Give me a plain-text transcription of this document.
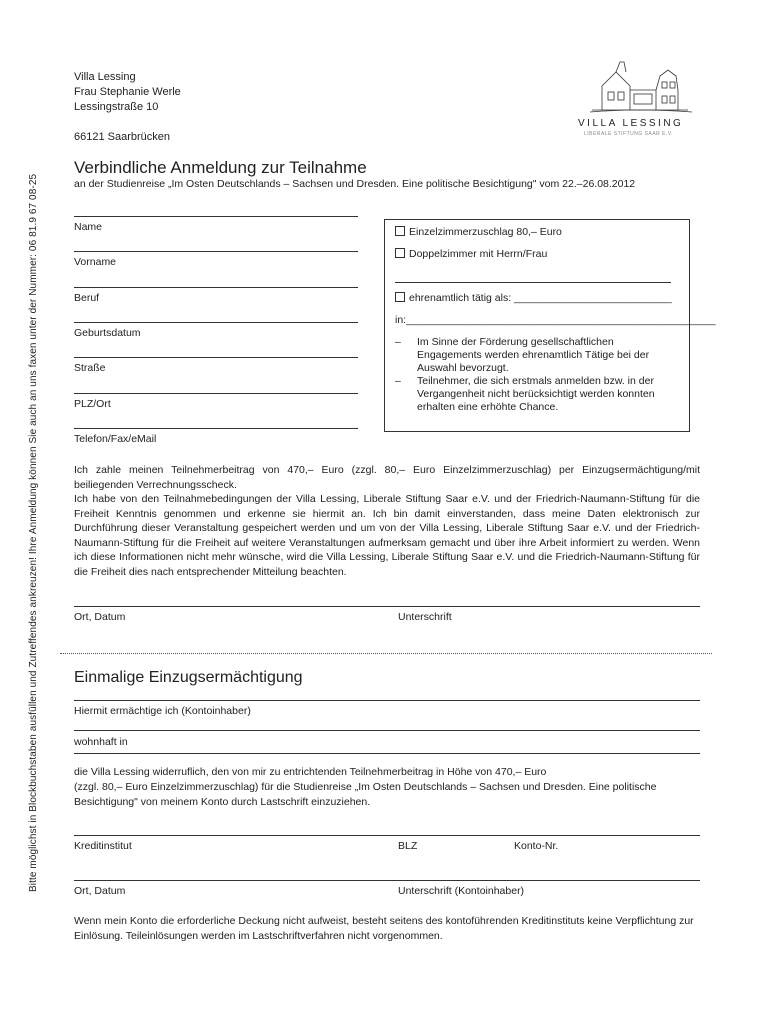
Bitte möglichst in Blockbuchstaben ausfüllen und Zutreffendes ankreuzen! Ihre Anmeldung können Sie auch an uns faxen unter der Nummer: 06 81.9 67 08-25
Villa Lessing
Frau Stephanie Werle
Lessingstraße 10
66121 Saarbrücken
VILLA LESSING
LIBERALE STIFTUNG SAAR E.V.
Verbindliche Anmeldung zur Teilnahme
an der Studienreise „Im Osten Deutschlands – Sachsen und Dresden. Eine politische Besichtigung" vom 22.–26.08.2012
Name
Vorname
Beruf
Geburtsdatum
Straße
PLZ/Ort
Telefon/Fax/eMail
Einzelzimmerzuschlag 80,– Euro
Doppelzimmer mit Herrn/Frau
ehrenamtlich tätig als: ___________________________
in:_____________________________________________________
– Im Sinne der Förderung gesellschaftlichen Engagements werden ehrenamtlich Tätige bei der Auswahl bevorzugt.
– Teilnehmer, die sich erstmals anmelden bzw. in der Vergangenheit nicht berücksichtigt werden konnten erhalten eine erhöhte Chance.

Ich zahle meinen Teilnehmerbeitrag von 470,– Euro (zzgl. 80,– Euro Einzelzimmerzuschlag) per Einzugsermächtigung/mit beiliegenden Verrechnungsscheck.

Ich habe von den Teilnahmebedingungen der Villa Lessing, Liberale Stiftung Saar e.V. und der Friedrich-Naumann-Stiftung für die Freiheit Kenntnis genommen und erkenne sie hiermit an. Ich bin damit einverstanden, dass meine Daten elektronisch zur Durchführung dieser Veranstaltung gespeichert werden und um von der Villa Lessing, Liberale Stiftung Saar e.V. und der Friedrich-Naumann-Stiftung für die Freiheit auf weitere Veranstaltungen aufmerksam gemacht und über ihre Arbeit informiert zu werden. Wenn ich diese Informationen nicht mehr wünsche, wird die Villa Lessing, Liberale Stiftung Saar e.V. und die Friedrich-Naumann-Stiftung für die Freiheit dies nach entsprechender Mitteilung beachten.

Ort, Datum	Unterschrift
Einmalige Einzugsermächtigung
Hiermit ermächtige ich (Kontoinhaber)
wohnhaft in

die Villa Lessing widerruflich, den von mir zu entrichtenden Teilnehmerbeitrag in Höhe von 470,– Euro

(zzgl. 80,– Euro Einzelzimmerzuschlag) für die Studienreise „Im Osten Deutschlands – Sachsen und Dresden. Eine politische Besichtigung" von meinem Konto durch Lastschrift einzuziehen.

Kreditinstitut	BLZ	Konto-Nr.
Ort, Datum	Unterschrift (Kontoinhaber)

Wenn mein Konto die erforderliche Deckung nicht aufweist, besteht seitens des kontoführenden Kreditinstituts keine Verpflichtung zur Einlösung. Teileinlösungen werden im Lastschriftverfahren nicht vorgenommen.
